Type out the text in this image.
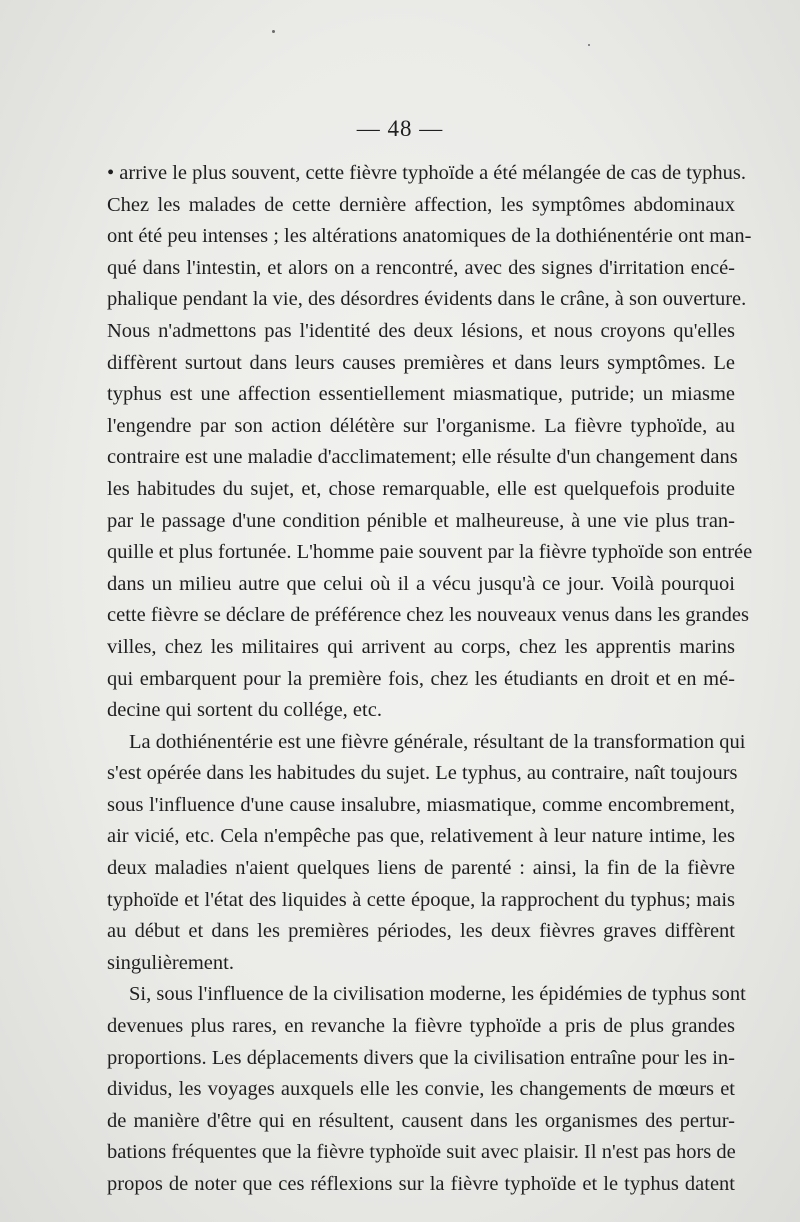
— 48 —
• arrive le plus souvent, cette fièvre typhoïde a été mélangée de cas de typhus.
Chez les malades de cette dernière affection, les symptômes abdominaux
ont été peu intenses ; les altérations anatomiques de la dothiénentérie ont man-
qué dans l'intestin, et alors on a rencontré, avec des signes d'irritation encé-
phalique pendant la vie, des désordres évidents dans le crâne, à son ouverture.
Nous n'admettons pas l'identité des deux lésions, et nous croyons qu'elles
diffèrent surtout dans leurs causes premières et dans leurs symptômes. Le
typhus est une affection essentiellement miasmatique, putride; un miasme
l'engendre par son action délétère sur l'organisme. La fièvre typhoïde, au
contraire est une maladie d'acclimatement; elle résulte d'un changement dans
les habitudes du sujet, et, chose remarquable, elle est quelquefois produite
par le passage d'une condition pénible et malheureuse, à une vie plus tran-
quille et plus fortunée. L'homme paie souvent par la fièvre typhoïde son entrée
dans un milieu autre que celui où il a vécu jusqu'à ce jour. Voilà pourquoi
cette fièvre se déclare de préférence chez les nouveaux venus dans les grandes
villes, chez les militaires qui arrivent au corps, chez les apprentis marins
qui embarquent pour la première fois, chez les étudiants en droit et en mé-
decine qui sortent du collége, etc.
La dothiénentérie est une fièvre générale, résultant de la transformation qui
s'est opérée dans les habitudes du sujet. Le typhus, au contraire, naît toujours
sous l'influence d'une cause insalubre, miasmatique, comme encombrement,
air vicié, etc. Cela n'empêche pas que, relativement à leur nature intime, les
deux maladies n'aient quelques liens de parenté : ainsi, la fin de la fièvre
typhoïde et l'état des liquides à cette époque, la rapprochent du typhus; mais
au début et dans les premières périodes, les deux fièvres graves diffèrent
singulièrement.
Si, sous l'influence de la civilisation moderne, les épidémies de typhus sont
devenues plus rares, en revanche la fièvre typhoïde a pris de plus grandes
proportions. Les déplacements divers que la civilisation entraîne pour les in-
dividus, les voyages auxquels elle les convie, les changements de mœurs et
de manière d'être qui en résultent, causent dans les organismes des pertur-
bations fréquentes que la fièvre typhoïde suit avec plaisir. Il n'est pas hors de
propos de noter que ces réflexions sur la fièvre typhoïde et le typhus datent
